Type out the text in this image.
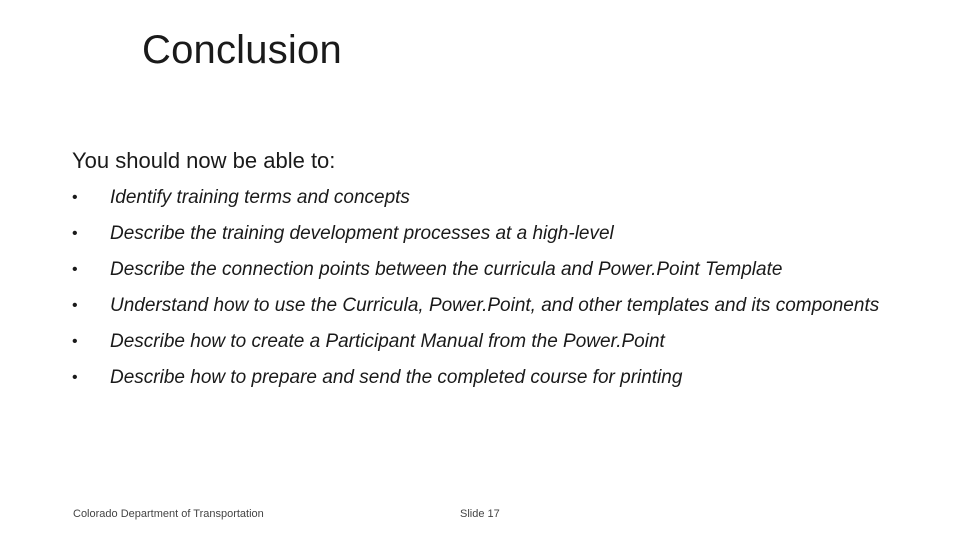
Conclusion
You should now be able to:
• Identify training terms and concepts
• Describe the training development processes at a high-level
• Describe the connection points between the curricula and Power.Point Template
• Understand how to use the Curricula, Power.Point, and other templates and its components
• Describe how to create a Participant Manual from the Power.Point
• Describe how to prepare and send the completed course for printing
Colorado Department of Transportation	Slide 17
